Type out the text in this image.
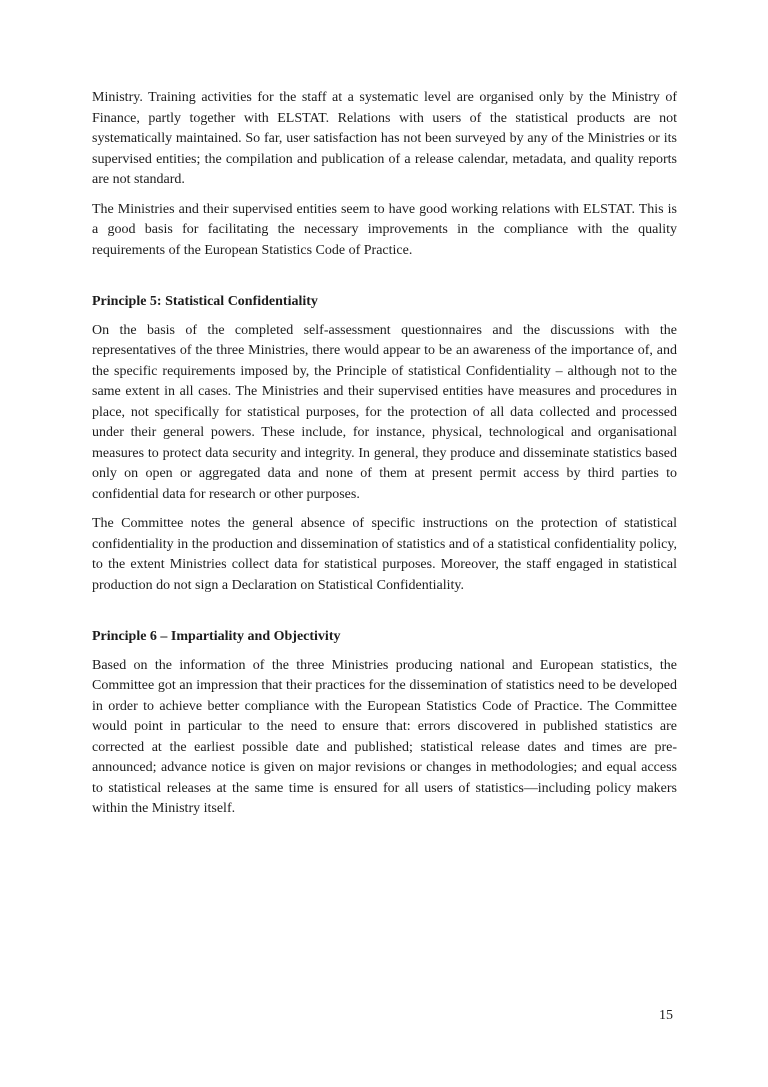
Ministry. Training activities for the staff at a systematic level are organised only by the Ministry of Finance, partly together with ELSTAT. Relations with users of the statistical products are not systematically maintained. So far, user satisfaction has not been surveyed by any of the Ministries or its supervised entities; the compilation and publication of a release calendar, metadata, and quality reports are not standard.

The Ministries and their supervised entities seem to have good working relations with ELSTAT. This is a good basis for facilitating the necessary improvements in the compliance with the quality requirements of the European Statistics Code of Practice.

Principle 5: Statistical Confidentiality

On the basis of the completed self-assessment questionnaires and the discussions with the representatives of the three Ministries, there would appear to be an awareness of the importance of, and the specific requirements imposed by, the Principle of statistical Confidentiality – although not to the same extent in all cases. The Ministries and their supervised entities have measures and procedures in place, not specifically for statistical purposes, for the protection of all data collected and processed under their general powers. These include, for instance, physical, technological and organisational measures to protect data security and integrity. In general, they produce and disseminate statistics based only on open or aggregated data and none of them at present permit access by third parties to confidential data for research or other purposes.

The Committee notes the general absence of specific instructions on the protection of statistical confidentiality in the production and dissemination of statistics and of a statistical confidentiality policy, to the extent Ministries collect data for statistical purposes. Moreover, the staff engaged in statistical production do not sign a Declaration on Statistical Confidentiality.

Principle 6 – Impartiality and Objectivity

Based on the information of the three Ministries producing national and European statistics, the Committee got an impression that their practices for the dissemination of statistics need to be developed in order to achieve better compliance with the European Statistics Code of Practice. The Committee would point in particular to the need to ensure that: errors discovered in published statistics are corrected at the earliest possible date and published; statistical release dates and times are pre-announced; advance notice is given on major revisions or changes in methodologies; and equal access to statistical releases at the same time is ensured for all users of statistics—including policy makers within the Ministry itself.

15
